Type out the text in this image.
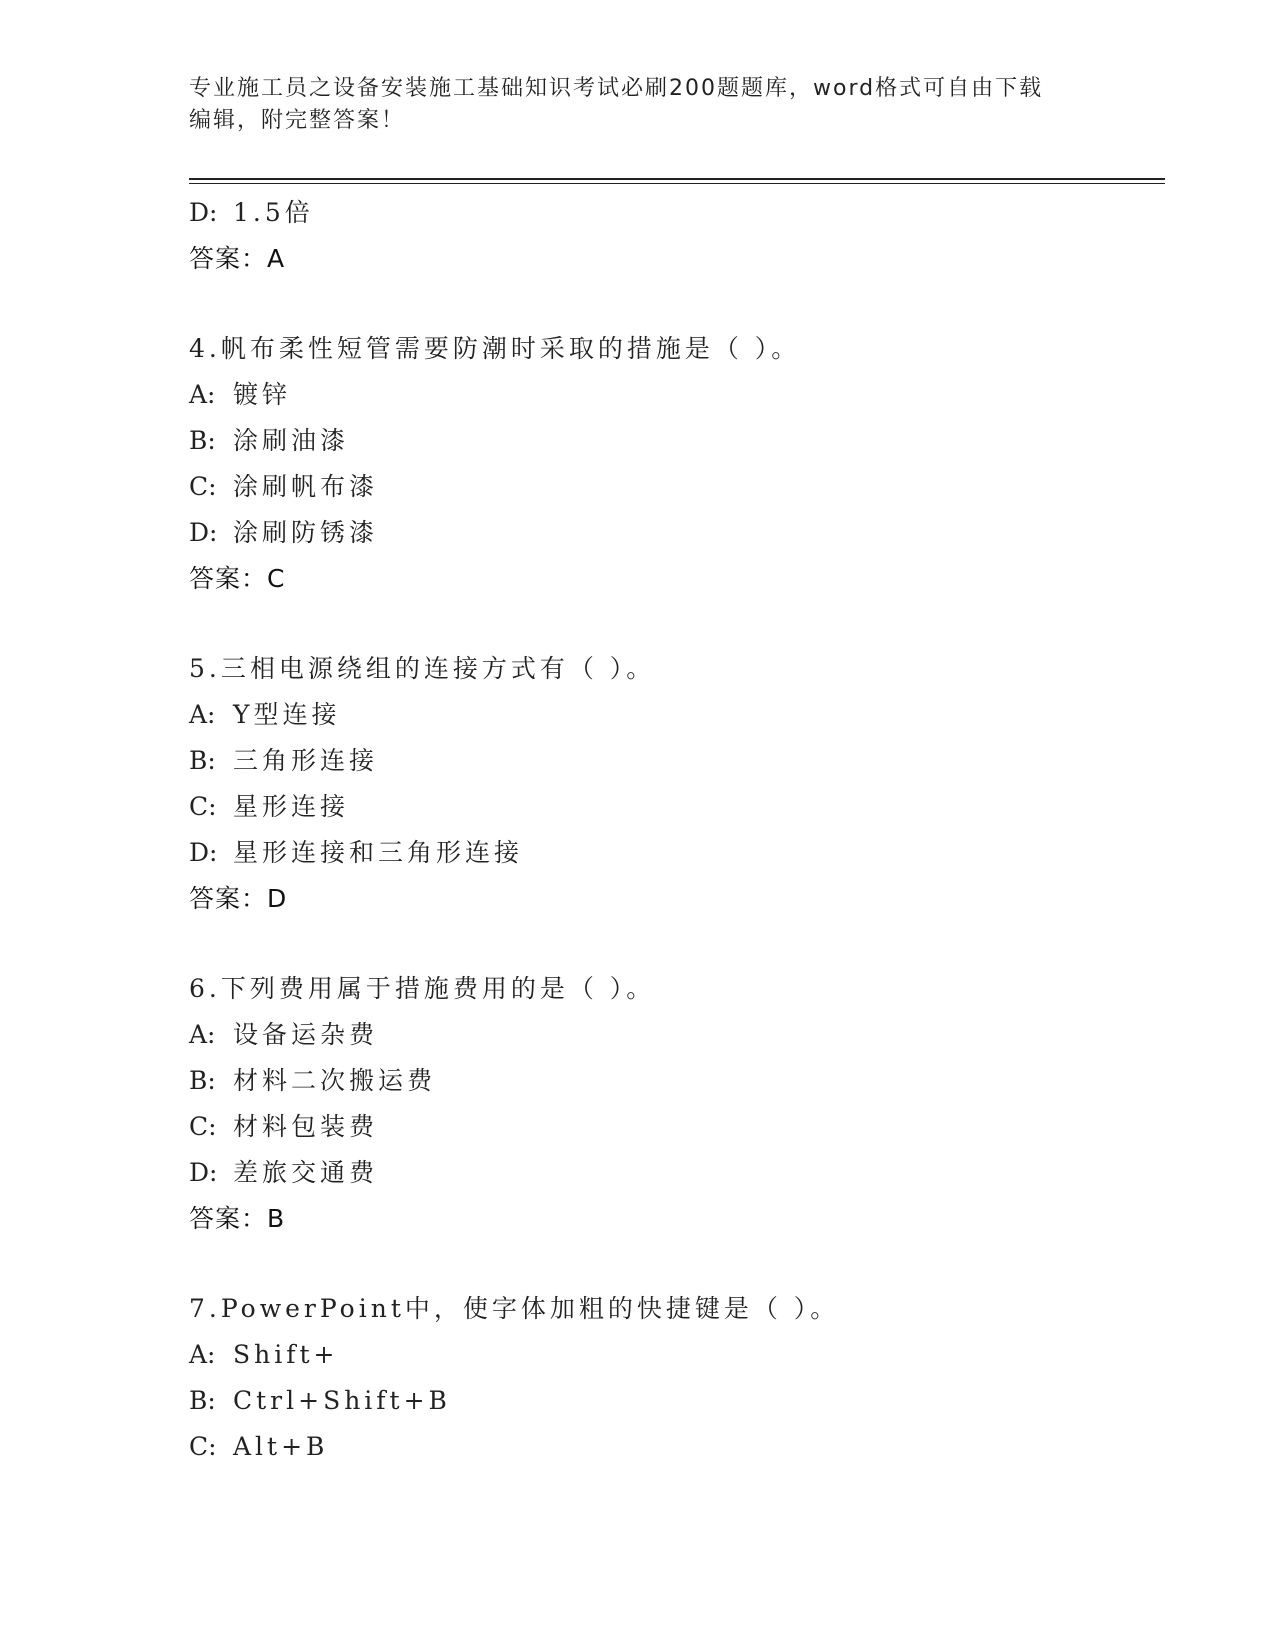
专业施工员之设备安装施工基础知识考试必刷200题题库，word格式可自由下载
编辑，附完整答案！
D: 1.5倍
答案：A
4.帆布柔性短管需要防潮时采取的措施是（ ）。
A: 镀锌
B: 涂刷油漆
C: 涂刷帆布漆
D: 涂刷防锈漆
答案：C
5.三相电源绕组的连接方式有（ ）。
A: Y型连接
B: 三角形连接
C: 星形连接
D: 星形连接和三角形连接
答案：D
6.下列费用属于措施费用的是（ ）。
A: 设备运杂费
B: 材料二次搬运费
C: 材料包装费
D: 差旅交通费
答案：B
7.PowerPoint中，使字体加粗的快捷键是（ ）。
A: Shift+
B: Ctrl+Shift+B
C: Alt+B
